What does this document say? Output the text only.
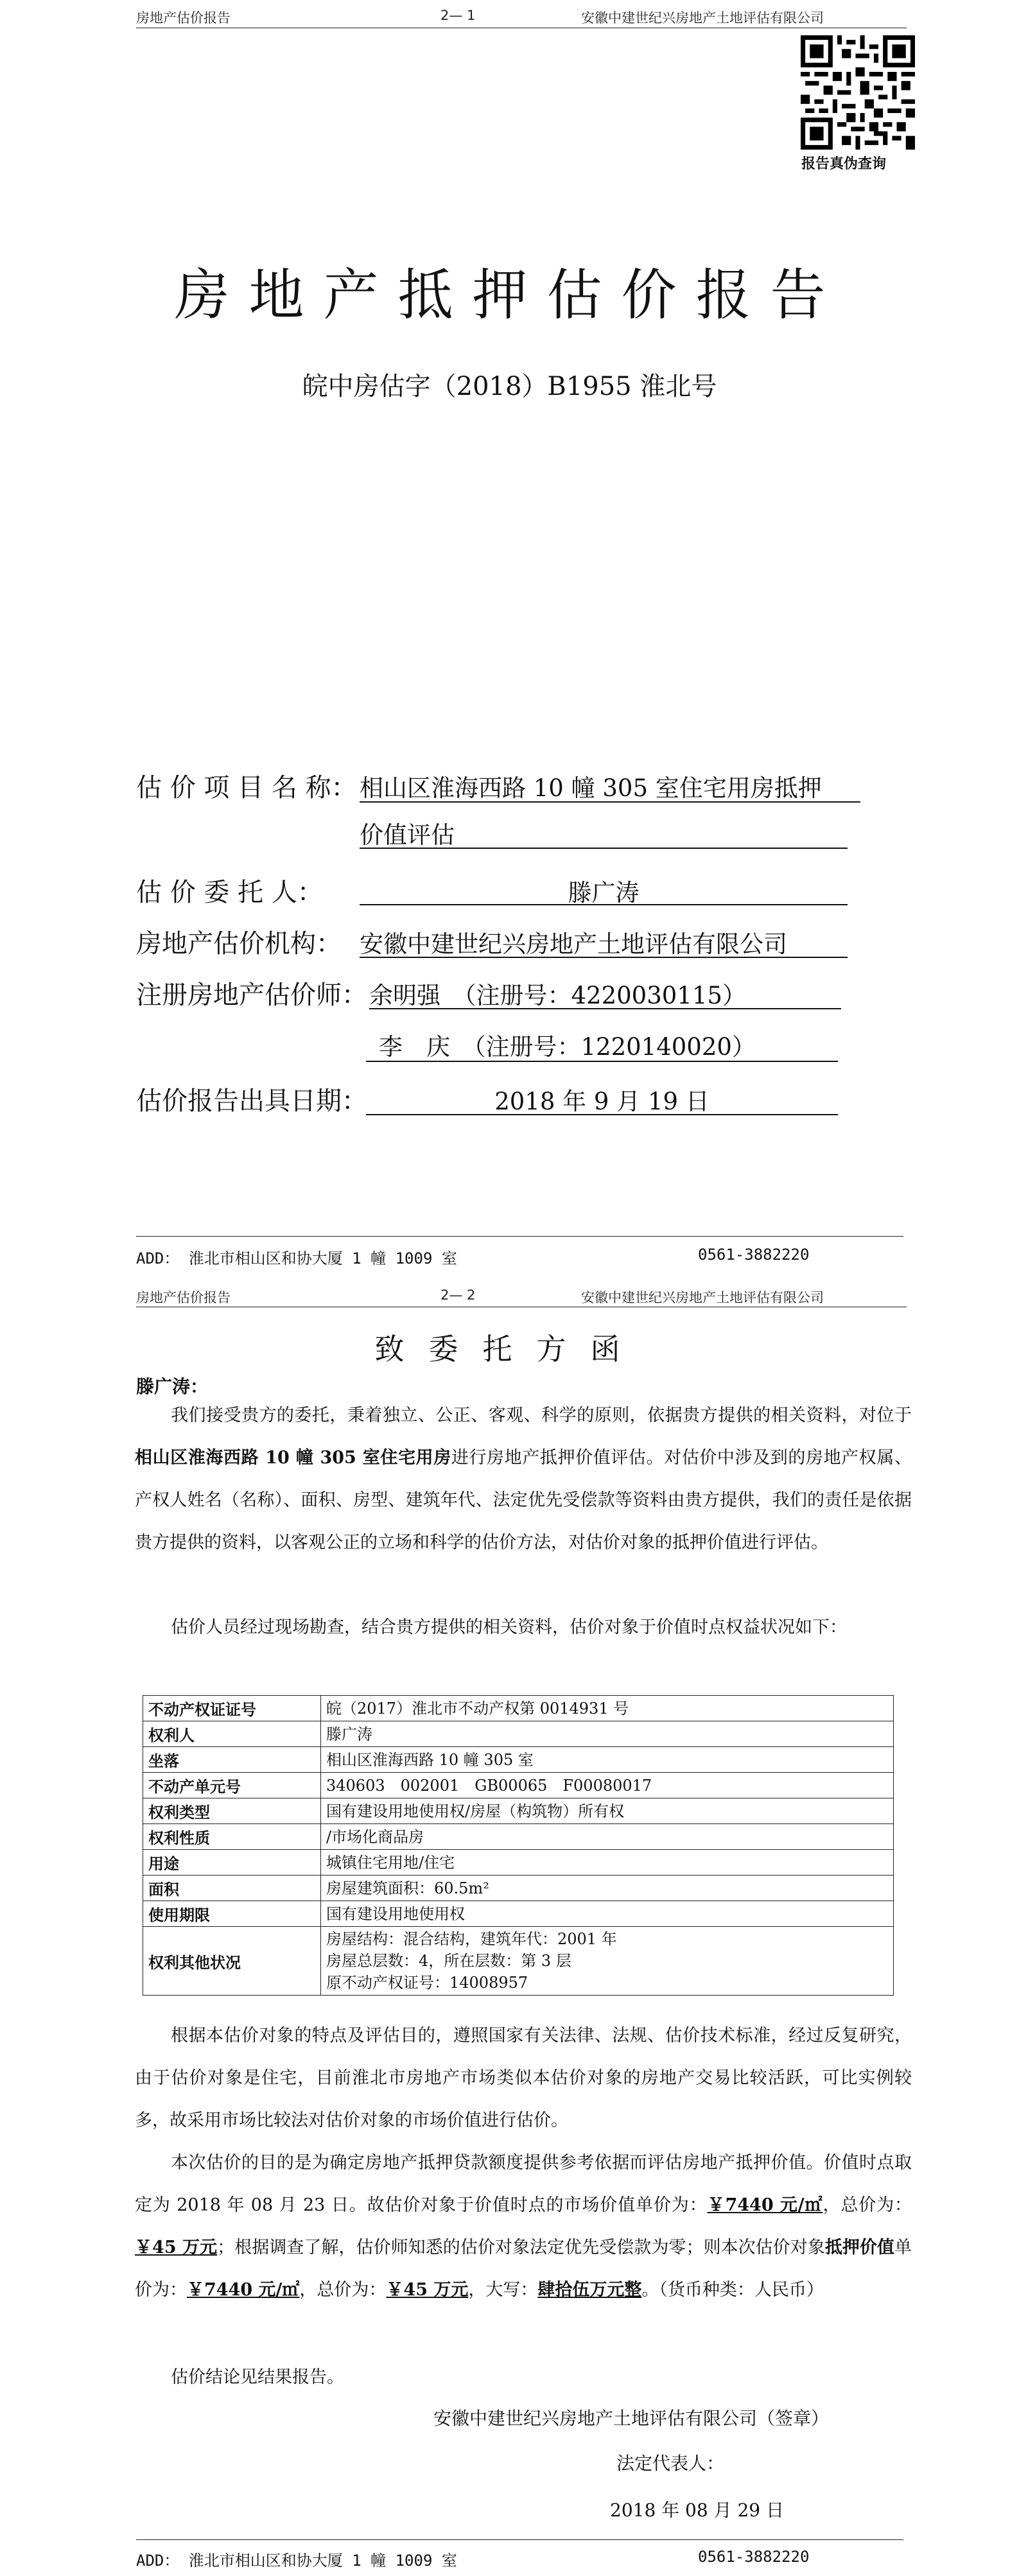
房地产估价报告	2— 1	安徽中建世纪兴房地产土地评估有限公司
报告真伪查询
房地产抵押估价报告
皖中房估字（2018）B1955 淮北号
估 价 项 目 名 称： 相山区淮海西路 10 幢 305 室住宅用房抵押
价值评估
估 价 委 托 人：	滕广涛
房地产估价机构： 安徽中建世纪兴房地产土地评估有限公司
注册房地产估价师： 余明强　（注册号：4220030115）
李　庆　（注册号：1220140020）
估价报告出具日期：	2018 年 9 月 19 日
ADD： 淮北市相山区和协大厦 1 幢 1009 室	0561-3882220
房地产估价报告	2— 2	安徽中建世纪兴房地产土地评估有限公司
致委托方函
滕广涛：
我们接受贵方的委托，秉着独立、公正、客观、科学的原则，依据贵方提供的相关资料，对位于相山区淮海西路 10 幢 305 室住宅用房进行房地产抵押价值评估。对估价中涉及到的房地产权属、产权人姓名（名称）、面积、房型、建筑年代、法定优先受偿款等资料由贵方提供，我们的责任是依据贵方提供的资料，以客观公正的立场和科学的估价方法，对估价对象的抵押价值进行评估。
估价人员经过现场勘查，结合贵方提供的相关资料，估价对象于价值时点权益状况如下：
不动产权证证号	皖（2017）淮北市不动产权第 0014931 号
权利人	滕广涛
坐落	相山区淮海西路 10 幢 305 室
不动产单元号	340603　002001　GB00065　F00080017
权利类型	国有建设用地使用权/房屋（构筑物）所有权
权利性质	/市场化商品房
用途	城镇住宅用地/住宅
面积	房屋建筑面积：60.5m²
使用期限	国有建设用地使用权
权利其他状况	房屋结构：混合结构，建筑年代：2001 年
房屋总层数：4，所在层数：第 3 层
原不动产权证号：14008957
根据本估价对象的特点及评估目的，遵照国家有关法律、法规、估价技术标准，经过反复研究，由于估价对象是住宅，目前淮北市房地产市场类似本估价对象的房地产交易比较活跃，可比实例较多，故采用市场比较法对估价对象的市场价值进行估价。
本次估价的目的是为确定房地产抵押贷款额度提供参考依据而评估房地产抵押价值。价值时点取定为 2018 年 08 月 23 日。故估价对象于价值时点的市场价值单价为：￥7440 元/㎡，总价为：￥45 万元；根据调查了解，估价师知悉的估价对象法定优先受偿款为零；则本次估价对象抵押价值单价为：￥7440 元/㎡，总价为：￥45 万元，大写：肆拾伍万元整。（货币种类：人民币）
估价结论见结果报告。
安徽中建世纪兴房地产土地评估有限公司（签章）
法定代表人：
2018 年 08 月 29 日
ADD： 淮北市相山区和协大厦 1 幢 1009 室	0561-3882220
